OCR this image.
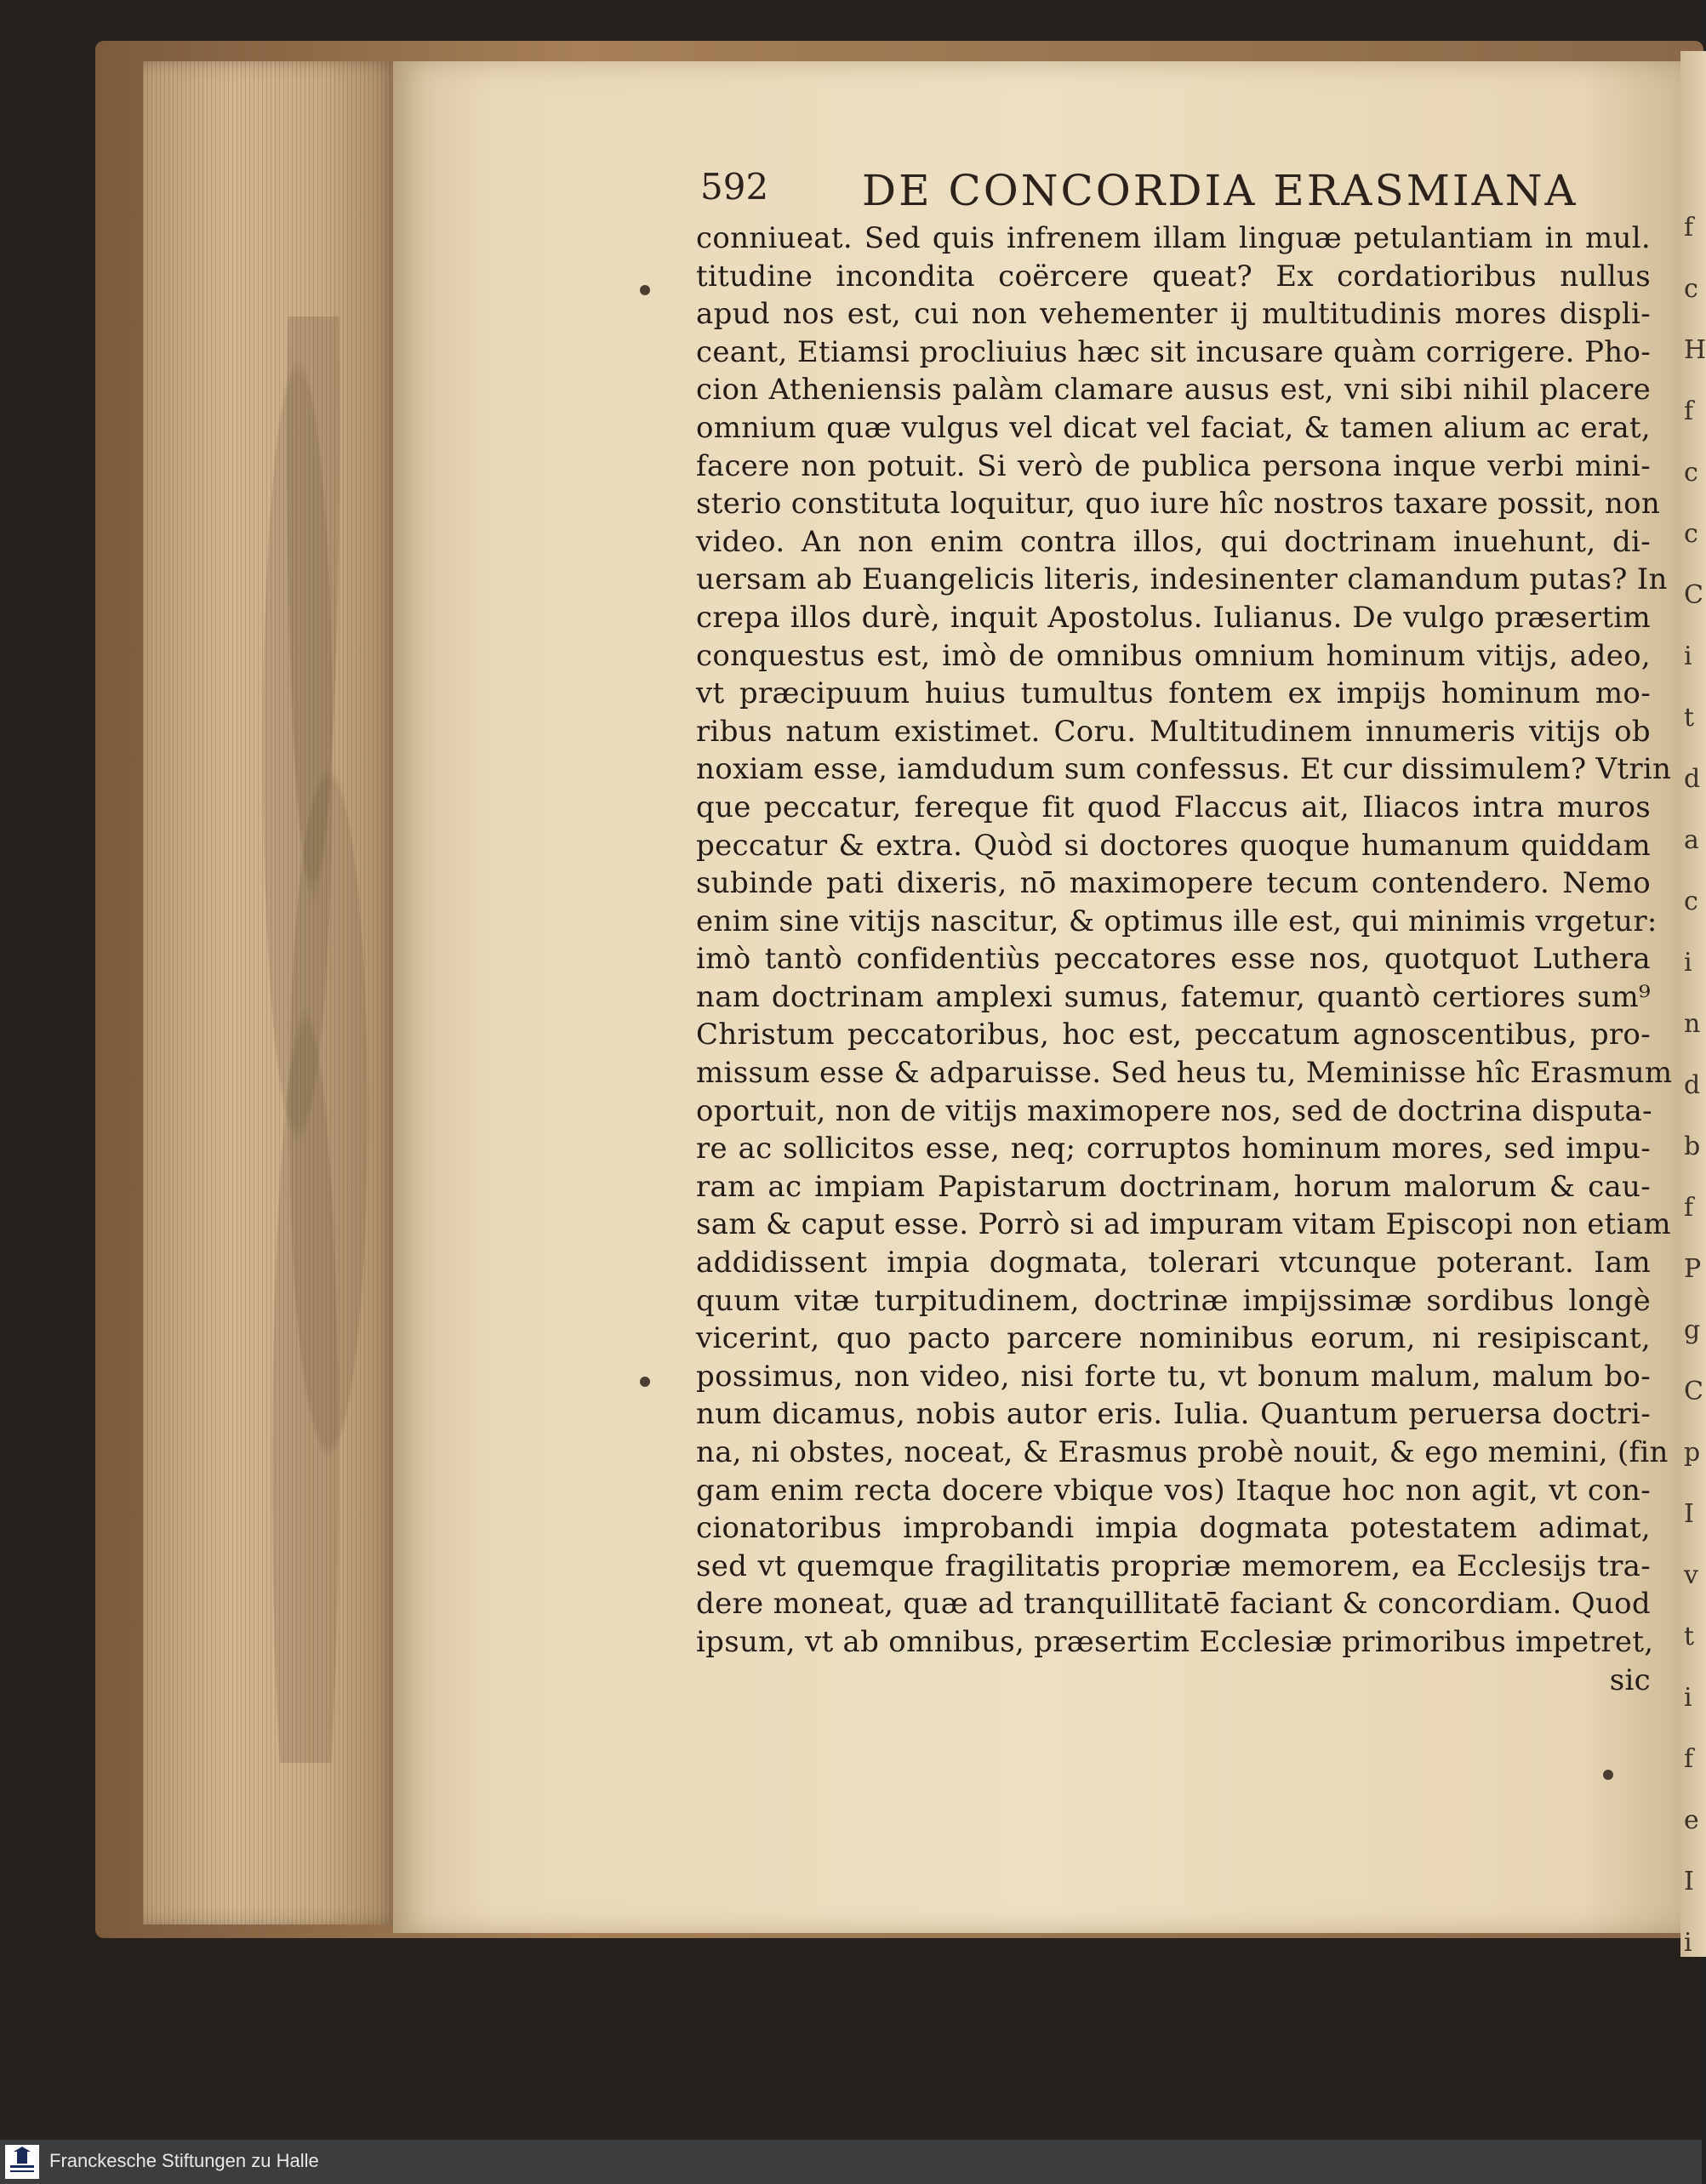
f
c
H
f
c
c
C
i
t
d
a
c
i
n
d
b
f
P
g
C
p
I
v
t
i
f
e
I
i
592 DE CONCORDIA ERASMIANA
conniueat. Sed quis infrenem illam linguæ petulantiam in mul.
titudine incondita coërcere queat? Ex cordatioribus nullus
apud nos est, cui non vehementer ij multitudinis mores displi-
ceant, Etiamsi procliuius hæc sit incusare quàm corrigere. Pho-
cion Atheniensis palàm clamare ausus est, vni sibi nihil placere
omnium quæ vulgus vel dicat vel faciat, & tamen alium ac erat,
facere non potuit. Si verò de publica persona inque verbi mini-
sterio constituta loquitur, quo iure hîc nostros taxare possit, non
video. An non enim contra illos, qui doctrinam inuehunt, di-
uersam ab Euangelicis literis, indesinenter clamandum putas? In
crepa illos durè, inquit Apostolus. Iulianus. De vulgo præsertim
conquestus est, imò de omnibus omnium hominum vitijs, adeo,
vt præcipuum huius tumultus fontem ex impijs hominum mo-
ribus natum existimet. Coru. Multitudinem innumeris vitijs ob
noxiam esse, iamdudum sum confessus. Et cur dissimulem? Vtrin
que peccatur, fereque fit quod Flaccus ait, Iliacos intra muros
peccatur & extra. Quòd si doctores quoque humanum quiddam
subinde pati dixeris, nō maximopere tecum contendero. Nemo
enim sine vitijs nascitur, & optimus ille est, qui minimis vrgetur:
imò tantò confidentiùs peccatores esse nos, quotquot Luthera
nam doctrinam amplexi sumus, fatemur, quantò certiores sum⁹
Christum peccatoribus, hoc est, peccatum agnoscentibus, pro-
missum esse & adparuisse. Sed heus tu, Meminisse hîc Erasmum
oportuit, non de vitijs maximopere nos, sed de doctrina disputa-
re ac sollicitos esse, neq; corruptos hominum mores, sed impu-
ram ac impiam Papistarum doctrinam, horum malorum & cau-
sam & caput esse. Porrò si ad impuram vitam Episcopi non etiam
addidissent impia dogmata, tolerari vtcunque poterant. Iam
quum vitæ turpitudinem, doctrinæ impijssimæ sordibus longè
vicerint, quo pacto parcere nominibus eorum, ni resipiscant,
possimus, non video, nisi forte tu, vt bonum malum, malum bo-
num dicamus, nobis autor eris. Iulia. Quantum peruersa doctri-
na, ni obstes, noceat, & Erasmus probè nouit, & ego memini, (fin
gam enim recta docere vbique vos) Itaque hoc non agit, vt con-
cionatoribus improbandi impia dogmata potestatem adimat,
sed vt quemque fragilitatis propriæ memorem, ea Ecclesijs tra-
dere moneat, quæ ad tranquillitatē faciant & concordiam. Quod
ipsum, vt ab omnibus, præsertim Ecclesiæ primoribus impetret,
sic
Franckesche Stiftungen zu Halle
